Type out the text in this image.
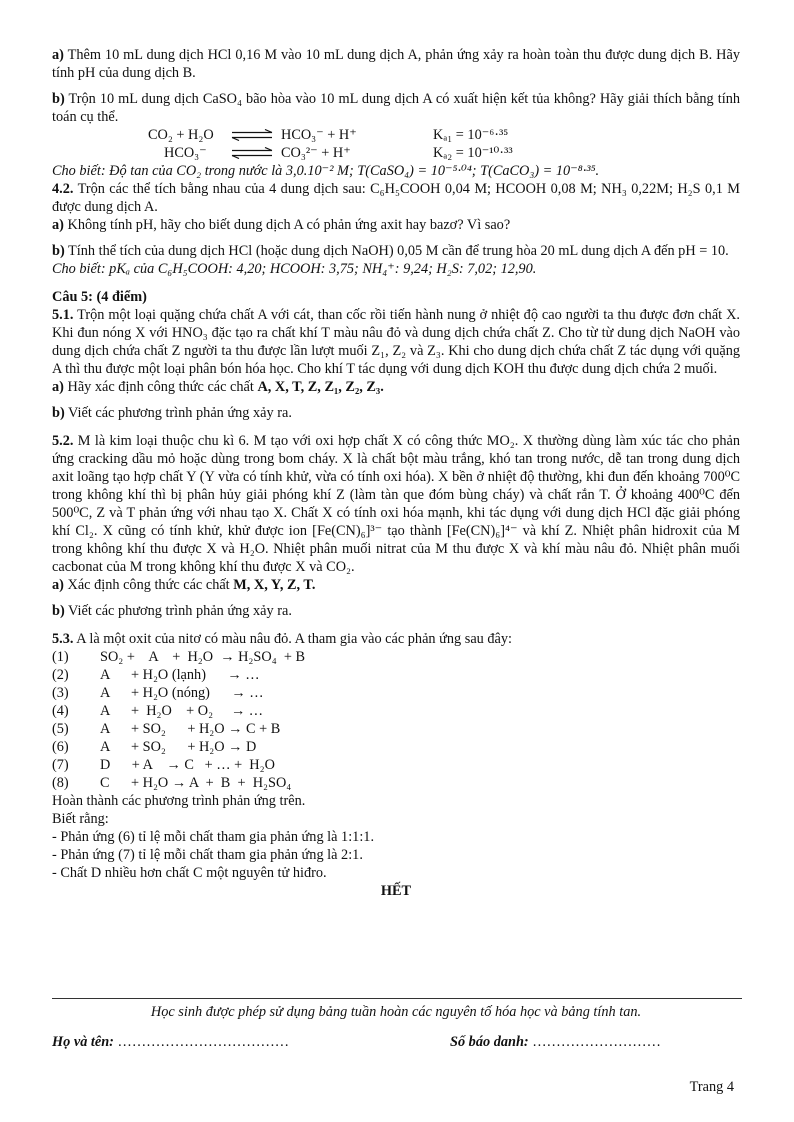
a) Thêm 10 mL dung dịch HCl 0,16 M vào 10 mL dung dịch A, phản ứng xảy ra hoàn toàn thu được dung dịch B. Hãy tính pH của dung dịch B.

b) Trộn 10 mL dung dịch CaSO₄ bão hòa vào 10 mL dung dịch A có xuất hiện kết tủa không? Hãy giải thích bằng tính toán cụ thể.

CO₂ + H₂O	HCO₃⁻ + H⁺	Kₐ₁ = 10⁻⁶·³⁵
HCO₃⁻	CO₃²⁻ + H⁺	Kₐ₂ = 10⁻¹⁰·³³

Cho biết: Độ tan của CO₂ trong nước là 3,0.10⁻² M; T(CaSO₄) = 10⁻⁵·⁰⁴; T(CaCO₃) = 10⁻⁸·³⁵.

4.2. Trộn các thể tích bằng nhau của 4 dung dịch sau: C₆H₅COOH 0,04 M; HCOOH 0,08 M; NH₃ 0,22M; H₂S 0,1 M được dung dịch A.

a) Không tính pH, hãy cho biết dung dịch A có phản ứng axit hay bazơ? Vì sao?

b) Tính thể tích của dung dịch HCl (hoặc dung dịch NaOH) 0,05 M cần để trung hòa 20 mL dung dịch A đến pH = 10.

Cho biết: pKₐ của C₆H₅COOH: 4,20; HCOOH: 3,75; NH₄⁺: 9,24; H₂S: 7,02; 12,90.

Câu 5: (4 điểm)

5.1. Trộn một loại quặng chứa chất A với cát, than cốc rồi tiến hành nung ở nhiệt độ cao người ta thu được đơn chất X. Khi đun nóng X với HNO₃ đặc tạo ra chất khí T màu nâu đỏ và dung dịch chứa chất Z. Cho từ từ dung dịch NaOH vào dung dịch chứa chất Z người ta thu được lần lượt muối Z₁, Z₂ và Z₃. Khi cho dung dịch chứa chất Z tác dụng với quặng A thì thu được một loại phân bón hóa học. Cho khí T tác dụng với dung dịch KOH thu được dung dịch chứa 2 muối.

a) Hãy xác định công thức các chất A, X, T, Z, Z₁, Z₂, Z₃.

b) Viết các phương trình phản ứng xảy ra.

5.2. M là kim loại thuộc chu kì 6. M tạo với oxi hợp chất X có công thức MO₂. X thường dùng làm xúc tác cho phản ứng cracking dầu mỏ hoặc dùng trong bom cháy. X là chất bột màu trắng, khó tan trong nước, dễ tan trong dung dịch axit loãng tạo hợp chất Y (Y vừa có tính khử, vừa có tính oxi hóa). X bền ở nhiệt độ thường, khi đun đến khoảng 700⁰C trong không khí thì bị phân hủy giải phóng khí Z (làm tàn que đóm bùng cháy) và chất rắn T. Ở khoảng 400⁰C đến 500⁰C, Z và T phản ứng với nhau tạo X. Chất X có tính oxi hóa mạnh, khi tác dụng với dung dịch HCl đặc giải phóng khí Cl₂. X cũng có tính khử, khử được ion [Fe(CN)₆]³⁻ tạo thành [Fe(CN)₆]⁴⁻ và khí Z. Nhiệt phân hidroxit của M trong không khí thu được X và H₂O. Nhiệt phân muối nitrat của M thu được X và khí màu nâu đỏ. Nhiệt phân muối cacbonat của M trong không khí thu được X và CO₂.

a) Xác định công thức các chất M, X, Y, Z, T.

b) Viết các phương trình phản ứng xảy ra.

5.3. A là một oxit của nitơ có màu nâu đỏ. A tham gia vào các phản ứng sau đây:

(1)	SO₂ +    A    +  H₂O  → H₂SO₄  + B
(2)	A      + H₂O (lạnh)      → …
(3)	A      + H₂O (nóng)      → …
(4)	A      +  H₂O    + O₂     → …
(5)	A      + SO₂      + H₂O → C + B
(6)	A      + SO₂      + H₂O → D
(7)	D      + A    → C   + … +  H₂O
(8)	C      + H₂O → A  +  B  +  H₂SO₄

Hoàn thành các phương trình phản ứng trên.

Biết rằng:

- Phản ứng (6) tỉ lệ mỗi chất tham gia phản ứng là 1:1:1.

- Phản ứng (7) tỉ lệ mỗi chất tham gia phản ứng là 2:1.

- Chất D nhiều hơn chất C một nguyên tử hiđro.

HẾT
Học sinh được phép sử dụng bảng tuần hoàn các nguyên tố hóa học và bảng tính tan.
Họ và tên: ………………………………	Số báo danh: ………………………
Trang 4
